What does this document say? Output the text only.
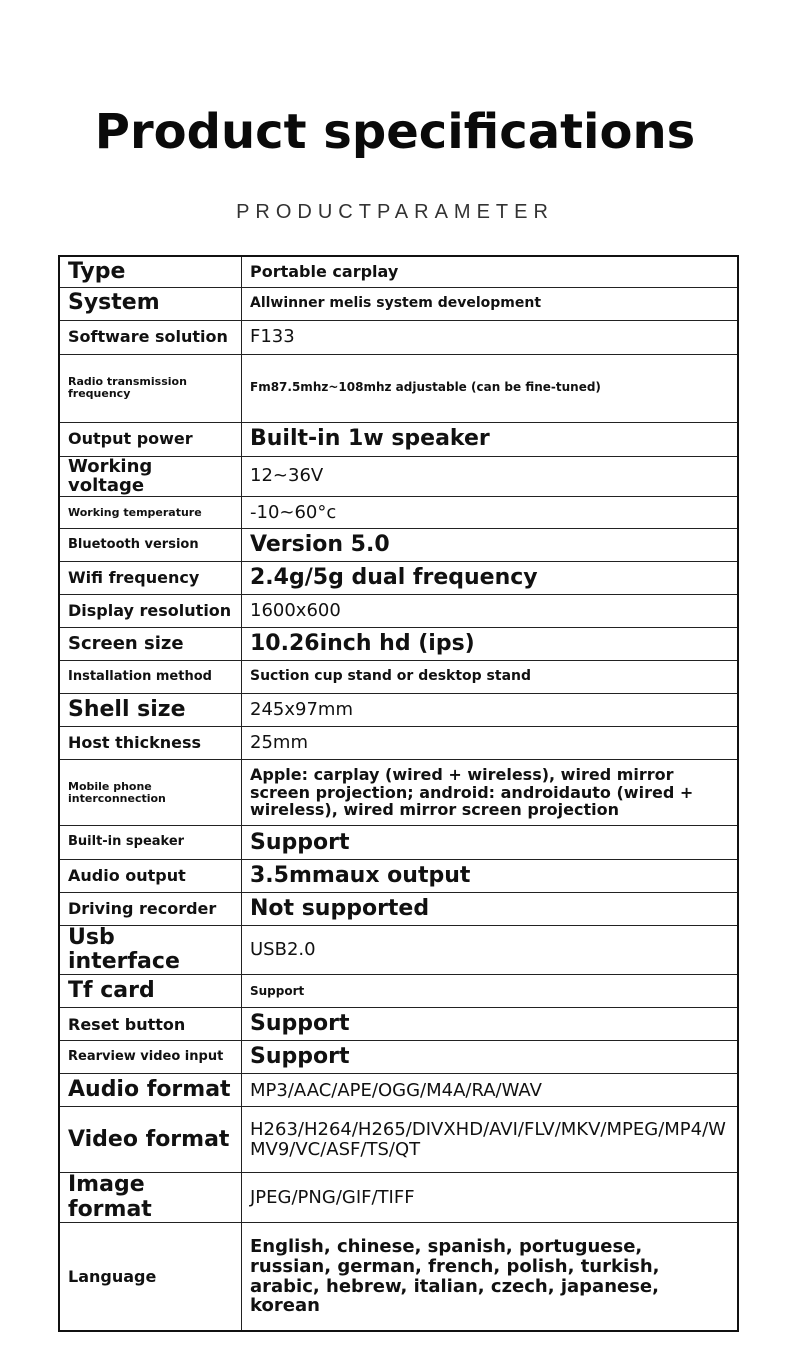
Product specifications
PRODUCTPARAMETER
Type	Portable carplay
System	Allwinner melis system development
Software solution	F133
Radio transmission frequency	Fm87.5mhz~108mhz adjustable (can be fine-tuned)
Output power	Built-in 1w speaker
Working voltage	12~36V
Working temperature	-10~60°c
Bluetooth version	Version 5.0
Wifi frequency	2.4g/5g dual frequency
Display resolution	1600x600
Screen size	10.26inch hd (ips)
Installation method	Suction cup stand or desktop stand
Shell size	245x97mm
Host thickness	25mm
Mobile phone interconnection	Apple: carplay (wired + wireless), wired mirror screen projection; android: androidauto (wired + wireless), wired mirror screen projection
Built-in speaker	Support
Audio output	3.5mmaux output
Driving recorder	Not supported
Usb interface	USB2.0
Tf card	Support
Reset button	Support
Rearview video input	Support
Audio format	MP3/AAC/APE/OGG/M4A/RA/WAV
Video format	H263/H264/H265/DIVXHD/AVI/FLV/MKV/MPEG/MP4/WMV9/VC/ASF/TS/QT
Image format	JPEG/PNG/GIF/TIFF
Language	English, chinese, spanish, portuguese, russian, german, french, polish, turkish, arabic, hebrew, italian, czech, japanese, korean
